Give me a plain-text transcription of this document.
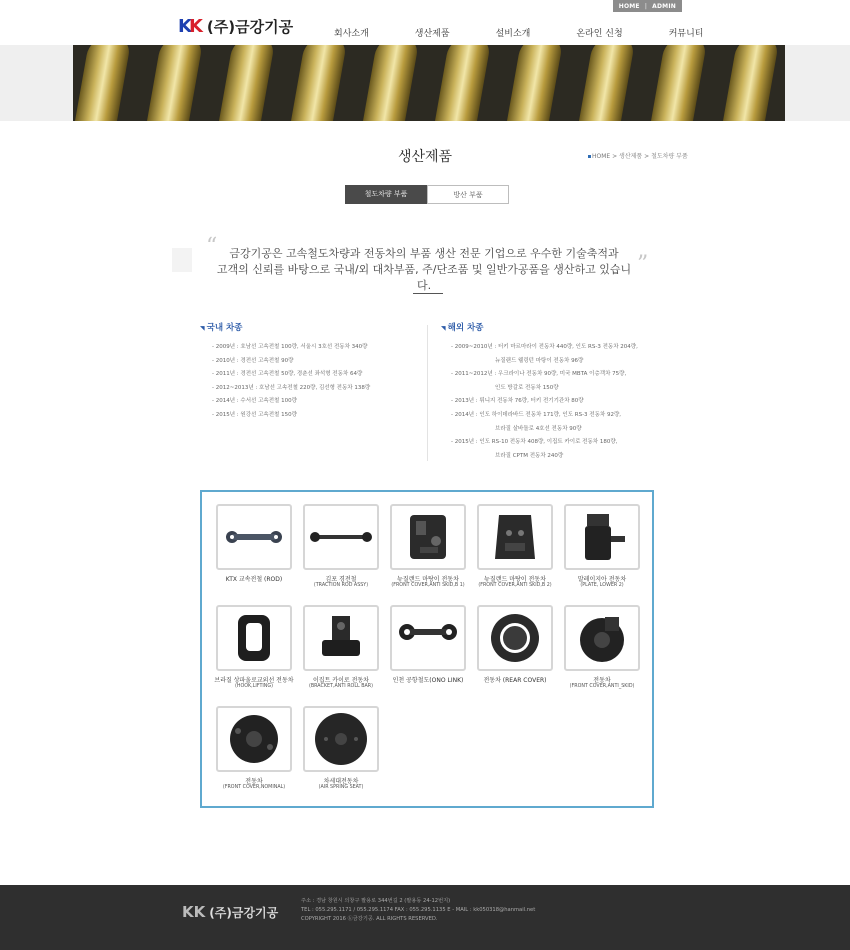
HOME | ADMIN
K
K (주)금강기공	회사소개	생산제품	설비소개	온라인 신청	커뮤니티
생산제품	HOME > 생산제품 > 철도차량 부품
철도차량 부품	방산 부품
“
”
금강기공은 고속철도차량과 전동차의 부품 생산 전문 기업으로 우수한 기술축적과
고객의 신뢰를 바탕으로 국내/외 대차부품, 주/단조품 및 일반가공품을 생산하고 있습니다.
◥ 국내 차종
- 2009년 : 호남선 고속전철 100량, 서울시 3호선 전동차 340량
- 2010년 : 경전선 고속전철 90량
- 2011년 : 경전선 고속전철 50량, 경춘선 좌석형 전동차 64량
- 2012~2013년 : 호남선 고속전철 220량, 김선형 전동차 138량
- 2014년 : 수서선 고속전철 100량
- 2015년 : 원강선 고속전철 150량
◥ 해외 차종
- 2009~2010년 : 터키 마르마라이 전동차 440량, 인도 RS-3 전동차 204량,
뉴질랜드 웰링턴 마탕이 전동차 96량
- 2011~2012년 : 우크라이나 전동차 90량, 미국 MBTA 이층객차 75량,
인도 방갈로 전동차 150량
- 2013년 : 튀니지 전동차 76량, 터키 전기기관차 80량
- 2014년 : 인도 하이데라바드 전동차 171량, 인도 RS-3 전동차 92량,
브라질 살바돌로 4호선 전동차 90량
- 2015년 : 인도 RS-10 전동차 408량, 이집트 카이로 전동차 180량,
브라질 CPTM 전동차 240량
KTX 교속전철 (ROD)	김포 경전철
(TRACTION ROD ASSY)
뉴질랜드 마탕이 전동차
(FRONT COVER,ANTI SKID,B 1)
뉴질랜드 마탕이 전동차
(FRONT COVER,ANTI SKID,B 2)
말레이지아 전동차
(PLATE, LOWER 2)
브라질 상파울로교외선 전동차
(HOOK,LIFTING)
이집트 카이로 전동차
(BRACKET,ANTI ROLL BAR)
인천 공항철도(ONO LINK)	전동차 (REAR COVER)	전동차
(FRONT COVER,ANTI_SKID)
전동차
(FRONT COVER,NOMINAL)
차세대전동차
(AIR SPRING SEAT)
KK (주)금강기공
주소 : 경남 창원시 의창구 팔용로 344번길 2 (팔용동 24-12번지)
TEL : 055.295.1171 / 055.295.1174 FAX : 055.295.1135 E - MAIL : kk050318@hanmail.net
COPYRIGHT 2016 ⓚ금강기공. ALL RIGHTS RESERVED.
